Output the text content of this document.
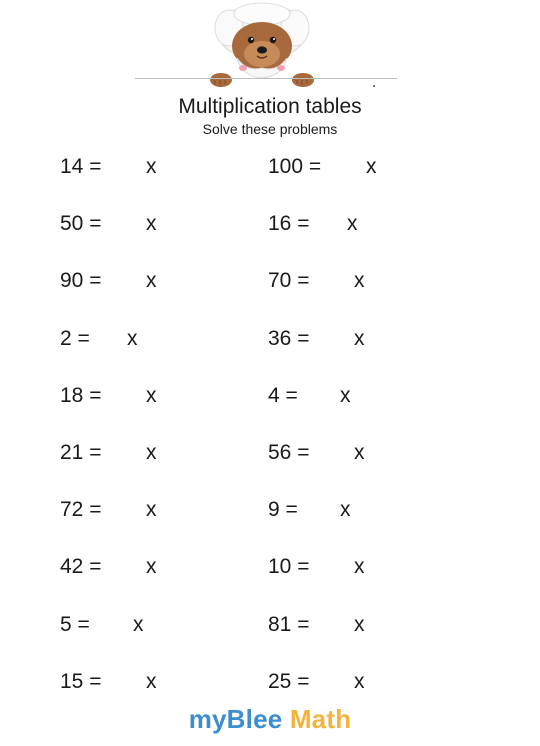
Multiplication tables
Solve these problems
14 = x
50 = x
90 = x
2 = x
18 = x
21 = x
72 = x
42 = x
5 = x
15 = x
100 = x
16 = x
70 = x
36 = x
4 = x
56 = x
9 = x
10 = x
81 = x
25 = x
myBlee Math
